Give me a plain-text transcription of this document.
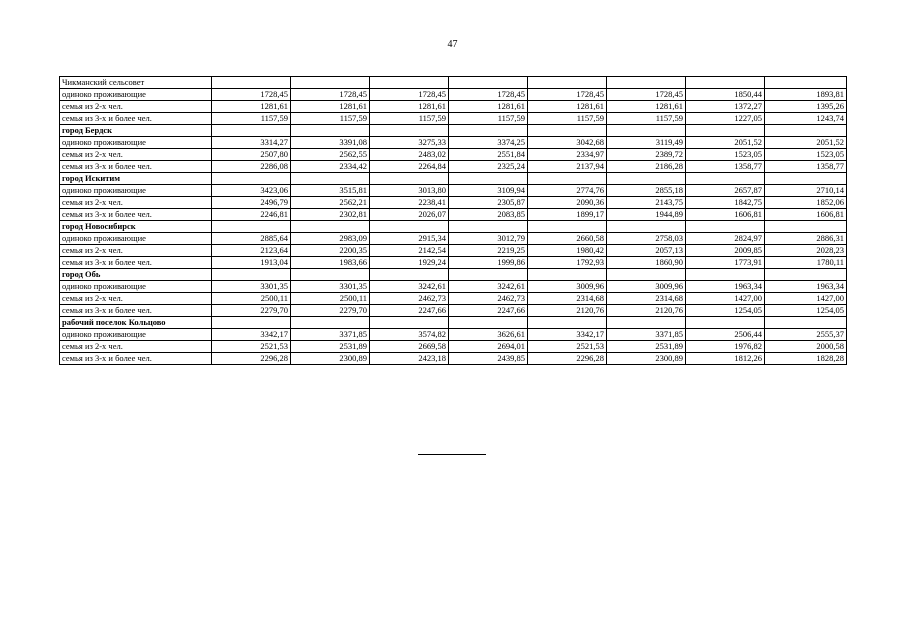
47
Чикманский сельсовет								
одиноко проживающие	1728,45	1728,45	1728,45	1728,45	1728,45	1728,45	1850,44	1893,81
семья из 2-х чел.	1281,61	1281,61	1281,61	1281,61	1281,61	1281,61	1372,27	1395,26
семья из 3-х и более чел.	1157,59	1157,59	1157,59	1157,59	1157,59	1157,59	1227,05	1243,74
город Бердск								
одиноко проживающие	3314,27	3391,08	3275,33	3374,25	3042,68	3119,49	2051,52	2051,52
семья из 2-х чел.	2507,80	2562,55	2483,02	2551,84	2334,97	2389,72	1523,05	1523,05
семья из 3-х и более чел.	2286,08	2334,42	2264,84	2325,24	2137,94	2186,28	1358,77	1358,77
город Искитим								
одиноко проживающие	3423,06	3515,81	3013,80	3109,94	2774,76	2855,18	2657,87	2710,14
семья из 2-х чел.	2496,79	2562,21	2238,41	2305,87	2090,36	2143,75	1842,75	1852,06
семья из 3-х и более чел.	2246,81	2302,81	2026,07	2083,85	1899,17	1944,89	1606,81	1606,81
город Новосибирск								
одиноко проживающие	2885,64	2983,09	2915,34	3012,79	2660,58	2758,03	2824,97	2886,31
семья из 2-х чел.	2123,64	2200,35	2142,54	2219,25	1980,42	2057,13	2009,85	2028,23
семья из 3-х и более чел.	1913,04	1983,66	1929,24	1999,86	1792,93	1860,90	1773,91	1780,11
город Обь								
одиноко проживающие	3301,35	3301,35	3242,61	3242,61	3009,96	3009,96	1963,34	1963,34
семья из 2-х чел.	2500,11	2500,11	2462,73	2462,73	2314,68	2314,68	1427,00	1427,00
семья из 3-х и более чел.	2279,70	2279,70	2247,66	2247,66	2120,76	2120,76	1254,05	1254,05
рабочий поселок Кольцово								
одиноко проживающие	3342,17	3371,85	3574,82	3626,61	3342,17	3371,85	2506,44	2555,37
семья из 2-х чел.	2521,53	2531,89	2669,58	2694,01	2521,53	2531,89	1976,82	2000,58
семья из 3-х и более чел.	2296,28	2300,89	2423,18	2439,85	2296,28	2300,89	1812,26	1828,28
